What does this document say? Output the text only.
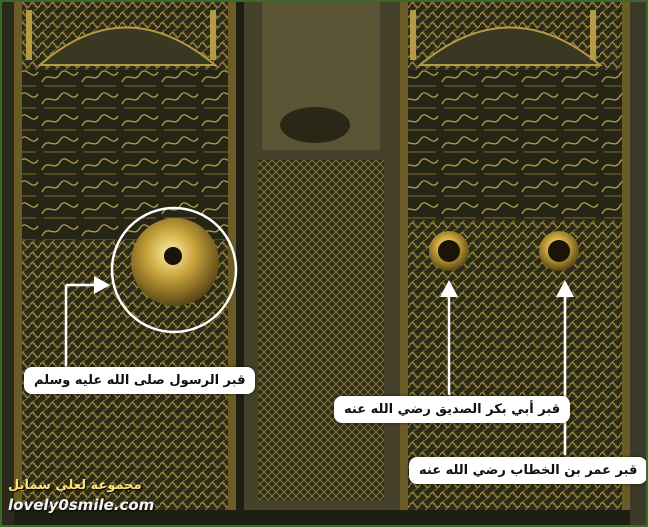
قبر الرسول صلى الله عليه وسلم
قبر أبي بكر الصديق رضي الله عنه
قبر عمر بن الخطاب رضي الله عنه
مجموعة لعلي سمايل
lovely0smile.com
